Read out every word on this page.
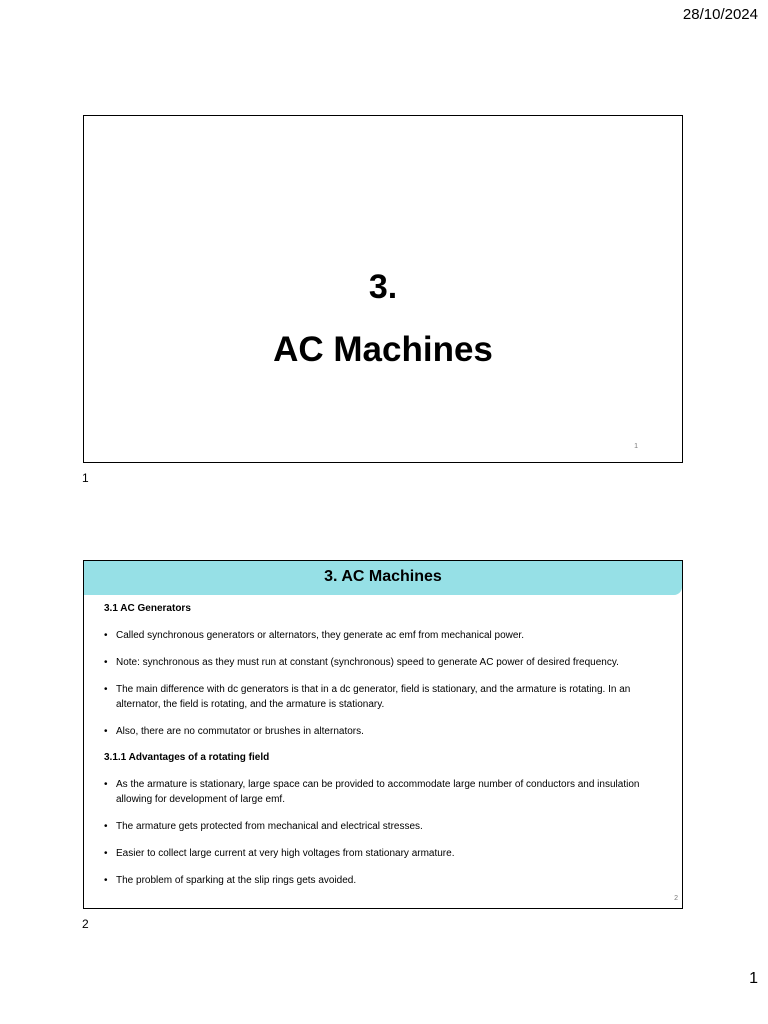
28/10/2024
3.
AC Machines
1
1
3. AC Machines

3.1 AC Generators

• Called synchronous generators or alternators, they generate ac emf from mechanical power.
• Note: synchronous as they must run at constant (synchronous) speed to generate AC power of desired frequency.
• The main difference with dc generators is that in a dc generator, field is stationary, and the armature is rotating. In an alternator, the field is rotating, and the armature is stationary.
• Also, there are no commutator or brushes in alternators.

3.1.1 Advantages of a rotating field

• As the armature is stationary, large space can be provided to accommodate large number of conductors and insulation allowing for development of large emf.
• The armature gets protected from mechanical and electrical stresses.
• Easier to collect large current at very high voltages from stationary armature.
• The problem of sparking at the slip rings gets avoided.
2
2
1
